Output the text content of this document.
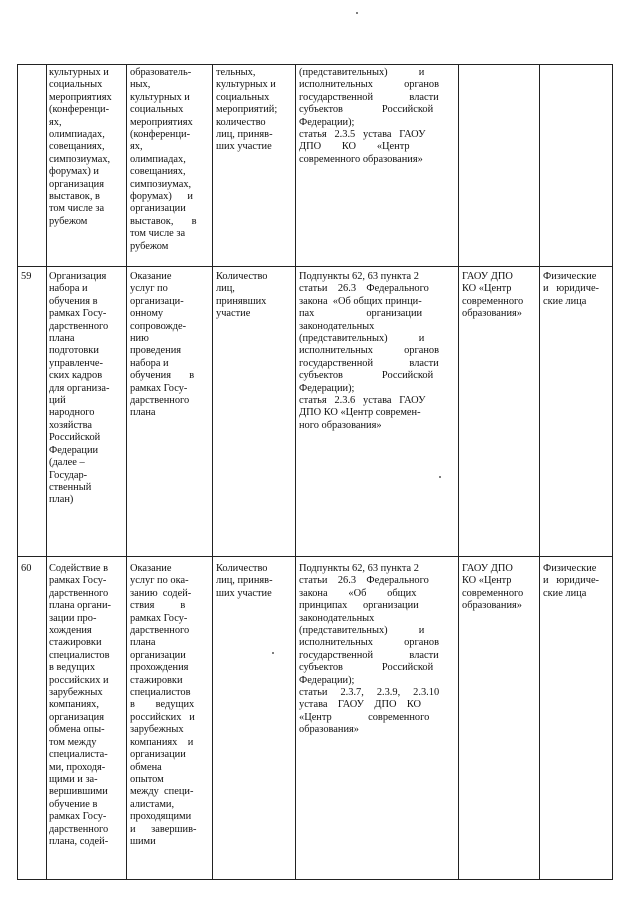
культурных и
социальных
мероприятиях
(конференци-
ях,
олимпиадах,
совещаниях,
симпозиумах,
форумах) и
организация
выставок, в
том числе за
рубежом
образователь-
ных,
культурных и
социальных
мероприятиях
(конференци-
ях,
олимпиадах,
совещаниях,
симпозиумах,
форумах)      и
организации
выставок,       в
том числе за
рубежом
тельных,
культурных и
социальных
мероприятий;
количество
лиц, приняв-
ших участие
(представительных)            и
исполнительных            органов
государственной              власти
субъектов               Российской
Федерации);
статья   2.3.5   устава   ГАОУ
ДПО        КО        «Центр
современного образования»
59	Организация
набора и
обучения в
рамках Госу-
дарственного
плана
подготовки
управленче-
ских кадров
для организа-
ций
народного
хозяйства
Российской
Федерации
(далее –
Государ-
ственный
план)
Оказание
услуг по
организаци-
онному
сопровожде-
нию
проведения
набора и
обучения       в
рамках Госу-
дарственного
плана
Количество
лиц,
принявших
участие
Подпункты 62, 63 пункта 2
статьи    26.3    Федерального
закона  «Об общих принци-
пах                    организации
законодательных
(представительных)            и
исполнительных            органов
государственной              власти
субъектов               Российской
Федерации);
статья   2.3.6   устава   ГАОУ
ДПО КО «Центр современ-
ного образования»
ГАОУ ДПО
КО «Центр
современного
образования»
Физические
и   юридиче-
ские лица
60	Содействие в
рамках Госу-
дарственного
плана органи-
зации про-
хождения
стажировки
специалистов
в ведущих
российских и
зарубежных
компаниях,
организация
обмена опы-
том между
специалиста-
ми, проходя-
щими и за-
вершившими
обучение в
рамках Госу-
дарственного
плана, содей-
Оказание
услуг по ока-
занию  содей-
ствия          в
рамках Госу-
дарственного
плана
организации
прохождения
стажировки
специалистов
в        ведущих
российских   и
зарубежных
компаниях    и
организации
обмена
опытом
между  специ-
алистами,
проходящими
и      завершив-
шими
Количество
лиц, приняв-
ших участие
Подпункты 62, 63 пункта 2
статьи    26.3    Федерального
закона        «Об        общих
принципах      организации
законодательных
(представительных)            и
исполнительных            органов
государственной              власти
субъектов               Российской
Федерации);
статьи     2.3.7,     2.3.9,     2.3.10
устава    ГАОУ    ДПО    КО
«Центр              современного
образования»
ГАОУ ДПО
КО «Центр
современного
образования»
Физические
и   юридиче-
ские лица
